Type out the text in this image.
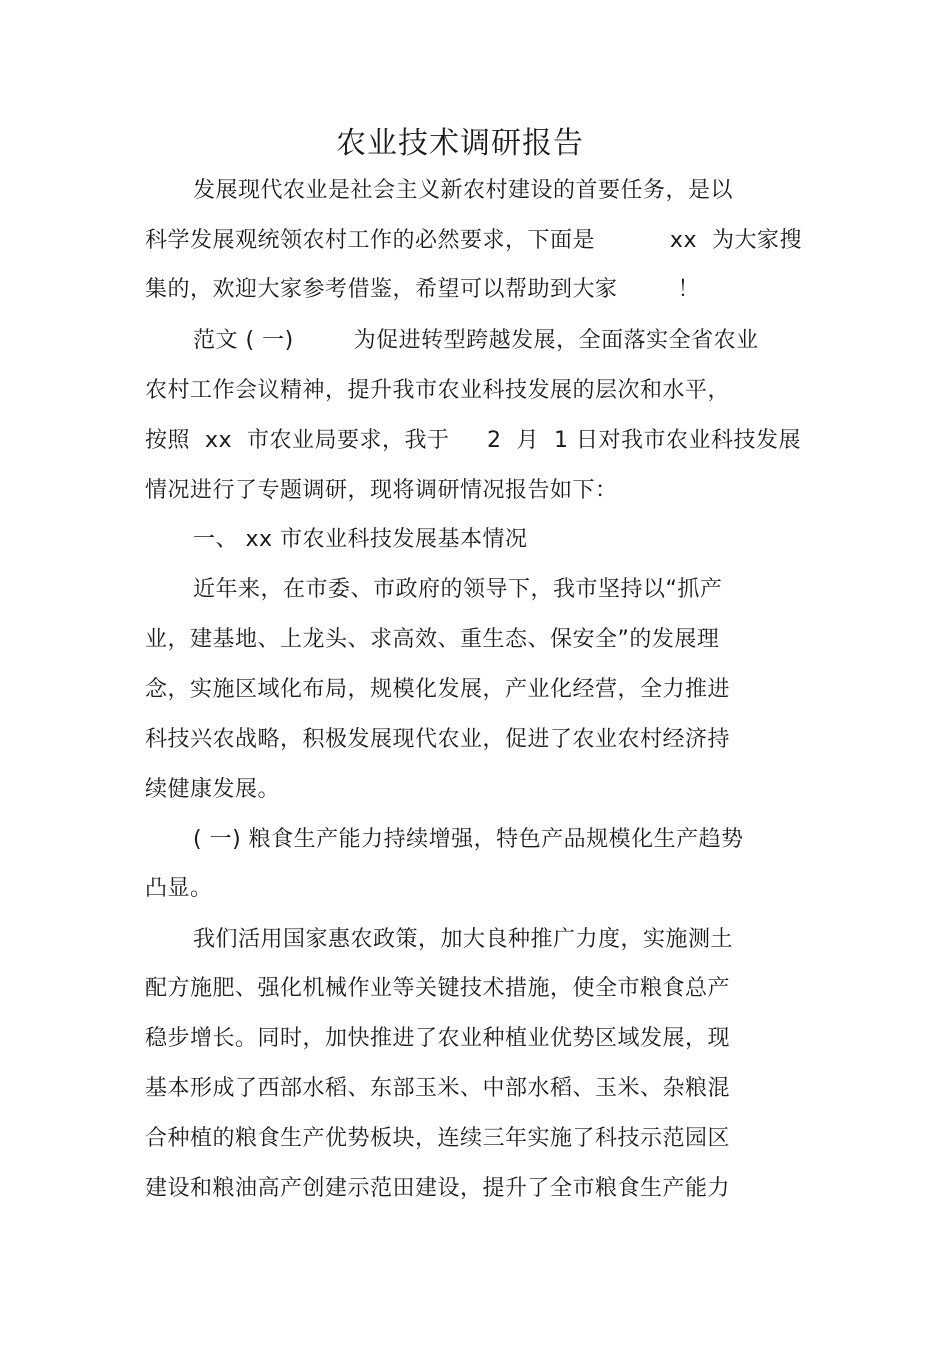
农业技术调研报告
发展现代农业是社会主义新农村建设的首要任务，是以
科学发展观统领农村工作的必然要求，下面是          xx  为大家搜
集的，欢迎大家参考借鉴，希望可以帮助到大家        ！
范文 ( 一)        为促进转型跨越发展，全面落实全省农业
农村工作会议精神，提升我市农业科技发展的层次和水平，
按照  xx  市农业局要求，我于     2  月  1 日对我市农业科技发展
情况进行了专题调研，现将调研情况报告如下：
一、 xx 市农业科技发展基本情况
近年来，在市委、市政府的领导下，我市坚持以“抓产
业，建基地、上龙头、求高效、重生态、保安全”的发展理
念，实施区域化布局，规模化发展，产业化经营，全力推进
科技兴农战略，积极发展现代农业，促进了农业农村经济持
续健康发展。
( 一) 粮食生产能力持续增强，特色产品规模化生产趋势
凸显。
我们活用国家惠农政策，加大良种推广力度，实施测土
配方施肥、强化机械作业等关键技术措施，使全市粮食总产
稳步增长。同时，加快推进了农业种植业优势区域发展，现
基本形成了西部水稻、东部玉米、中部水稻、玉米、杂粮混
合种植的粮食生产优势板块，连续三年实施了科技示范园区
建设和粮油高产创建示范田建设，提升了全市粮食生产能力
